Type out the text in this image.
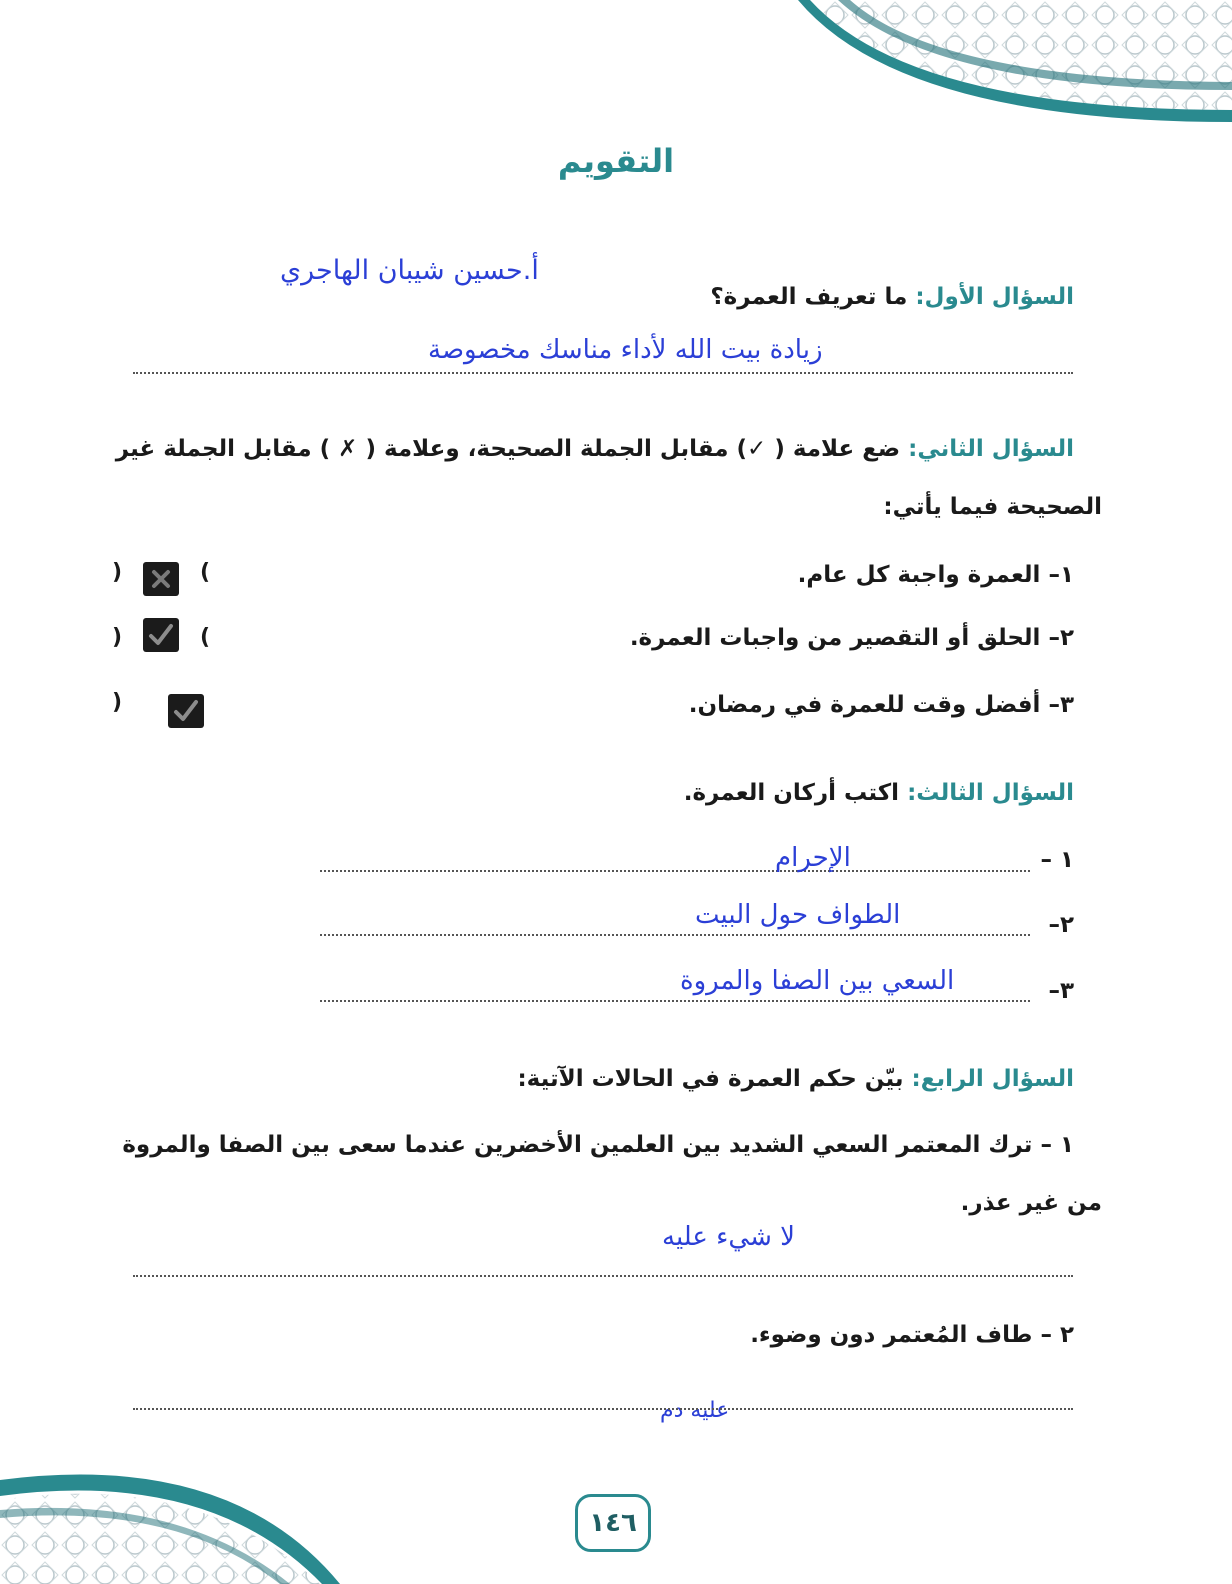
التقويم
أ.حسين شيبان الهاجري
السؤال الأول: ما تعريف العمرة؟
زيادة بيت الله لأداء مناسك مخصوصة
السؤال الثاني: ضع علامة ( ✓) مقابل الجملة الصحيحة، وعلامة ( ✗ ) مقابل الجملة غير
الصحيحة فيما يأتي:
١– العمرة واجبة كل عام.
٢– الحلق أو التقصير من واجبات العمرة.
٣– أفضل وقت للعمرة في رمضان.
(	)
(	)
(
السؤال الثالث: اكتب أركان العمرة.
١ –
الإحرام
٢–
الطواف حول البيت
٣–
السعي بين الصفا والمروة
السؤال الرابع: بيّن حكم العمرة في الحالات الآتية:
١ – ترك المعتمر السعي الشديد بين العلمين الأخضرين عندما سعى بين الصفا والمروة
من غير عذر.
لا شيء عليه
٢ – طاف المُعتمر دون وضوء.
عليه دم
١٤٦
